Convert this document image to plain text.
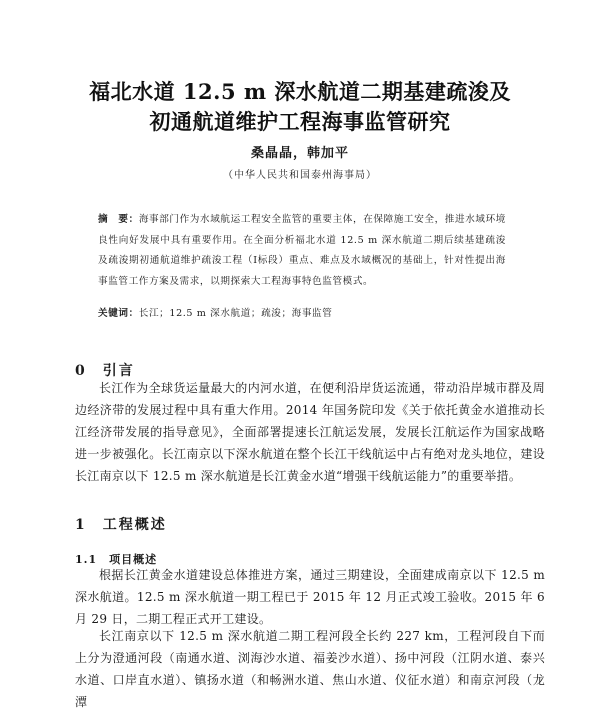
福北水道 12.5 m 深水航道二期基建疏浚及
初通航道维护工程海事监管研究
桑晶晶，韩加平
（中华人民共和国泰州海事局）
摘　要：海事部门作为水域航运工程安全监管的重要主体，在保障施工安全，推进水域环境良性向好发展中具有重要作用。在全面分析福北水道 12.5 m 深水航道二期后续基建疏浚及疏浚期初通航道维护疏浚工程（Ⅰ标段）重点、难点及水域概况的基础上，针对性提出海事监管工作方案及需求，以期探索大工程海事特色监管模式。
关键词：长江；12.5 m 深水航道；疏浚；海事监管
0　引言
长江作为全球货运量最大的内河水道，在便利沿岸货运流通，带动沿岸城市群及周边经济带的发展过程中具有重大作用。2014 年国务院印发《关于依托黄金水道推动长江经济带发展的指导意见》，全面部署提速长江航运发展，发展长江航运作为国家战略进一步被强化。长江南京以下深水航道在整个长江干线航运中占有绝对龙头地位，建设长江南京以下 12.5 m 深水航道是长江黄金水道“增强干线航运能力”的重要举措。
1　工程概述
1.1　项目概述
根据长江黄金水道建设总体推进方案，通过三期建设，全面建成南京以下 12.5 m 深水航道。12.5 m 深水航道一期工程已于 2015 年 12 月正式竣工验收。2015 年 6 月 29 日，二期工程正式开工建设。
长江南京以下 12.5 m 深水航道二期工程河段全长约 227 km，工程河段自下而上分为澄通河段（南通水道、浏海沙水道、福姜沙水道）、扬中河段（江阴水道、泰兴水道、口岸直水道）、镇扬水道（和畅洲水道、焦山水道、仪征水道）和南京河段（龙潭
